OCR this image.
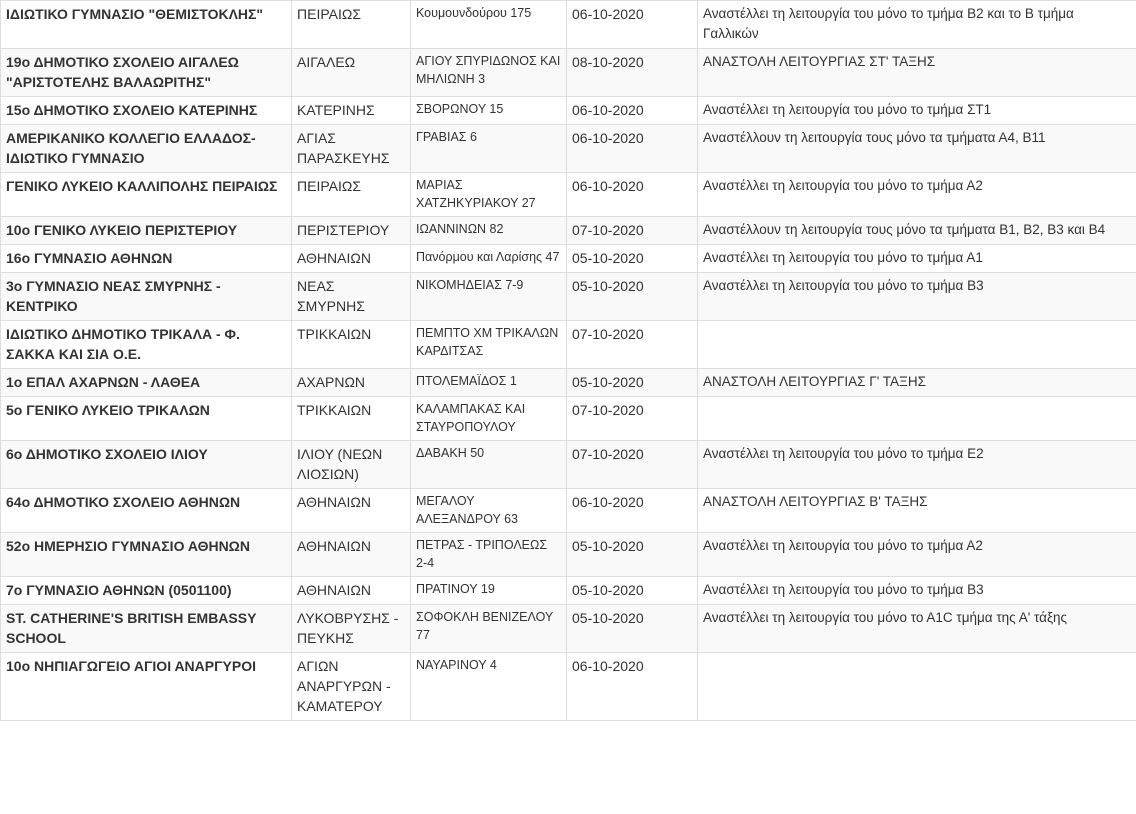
ΙΔΙΩΤΙΚΟ ΓΥΜΝΑΣΙΟ "ΘΕΜΙΣΤΟΚΛΗΣ"	ΠΕΙΡΑΙΩΣ	Κουμουνδούρου 175	06-10-2020	Αναστέλλει τη λειτουργία του μόνο το τμήμα Β2 και το Β τμήμα Γαλλικών
19ο ΔΗΜΟΤΙΚΟ ΣΧΟΛΕΙΟ ΑΙΓΑΛΕΩ "ΑΡΙΣΤΟΤΕΛΗΣ ΒΑΛΑΩΡΙΤΗΣ"	ΑΙΓΑΛΕΩ	ΑΓΙΟΥ ΣΠΥΡΙΔΩΝΟΣ ΚΑΙ ΜΗΛΙΩΝΗ 3	08-10-2020	ΑΝΑΣΤΟΛΗ ΛΕΙΤΟΥΡΓΙΑΣ ΣΤ' ΤΑΞΗΣ
15ο ΔΗΜΟΤΙΚΟ ΣΧΟΛΕΙΟ ΚΑΤΕΡΙΝΗΣ	ΚΑΤΕΡΙΝΗΣ	ΣΒΟΡΩΝΟΥ 15	06-10-2020	Αναστέλλει τη λειτουργία του μόνο το τμήμα ΣΤ1
ΑΜΕΡΙΚΑΝΙΚΟ ΚΟΛΛΕΓΙΟ ΕΛΛΑΔΟΣ-ΙΔΙΩΤΙΚΟ ΓΥΜΝΑΣΙΟ	ΑΓΙΑΣ ΠΑΡΑΣΚΕΥΗΣ	ΓΡΑΒΙΑΣ 6	06-10-2020	Αναστέλλουν τη λειτουργία τους μόνο τα τμήματα Α4, Β11
ΓΕΝΙΚΟ ΛΥΚΕΙΟ ΚΑΛΛΙΠΟΛΗΣ ΠΕΙΡΑΙΩΣ	ΠΕΙΡΑΙΩΣ	ΜΑΡΙΑΣ ΧΑΤΖΗΚΥΡΙΑΚΟΥ 27	06-10-2020	Αναστέλλει τη λειτουργία του μόνο το τμήμα Α2
10ο ΓΕΝΙΚΟ ΛΥΚΕΙΟ ΠΕΡΙΣΤΕΡΙΟΥ	ΠΕΡΙΣΤΕΡΙΟΥ	ΙΩΑΝΝΙΝΩΝ 82	07-10-2020	Αναστέλλουν τη λειτουργία τους μόνο τα τμήματα Β1, Β2, Β3 και Β4
16ο ΓΥΜΝΑΣΙΟ ΑΘΗΝΩΝ	ΑΘΗΝΑΙΩΝ	Πανόρμου και Λαρίσης 47	05-10-2020	Αναστέλλει τη λειτουργία του μόνο το τμήμα Α1
3ο ΓΥΜΝΑΣΙΟ ΝΕΑΣ ΣΜΥΡΝΗΣ - ΚΕΝΤΡΙΚΟ	ΝΕΑΣ ΣΜΥΡΝΗΣ	ΝΙΚΟΜΗΔΕΙΑΣ 7-9	05-10-2020	Αναστέλλει τη λειτουργία του μόνο το τμήμα Β3
ΙΔΙΩΤΙΚΟ ΔΗΜΟΤΙΚΟ ΤΡΙΚΑΛΑ - Φ. ΣΑΚΚΑ ΚΑΙ ΣΙΑ Ο.Ε.	ΤΡΙΚΚΑΙΩΝ	ΠΕΜΠΤΟ ΧΜ ΤΡΙΚΑΛΩΝ ΚΑΡΔΙΤΣΑΣ	07-10-2020	
1ο ΕΠΑΛ ΑΧΑΡΝΩΝ - ΛΑΘΕΑ	ΑΧΑΡΝΩΝ	ΠΤΟΛΕΜΑΪΔΟΣ 1	05-10-2020	ΑΝΑΣΤΟΛΗ ΛΕΙΤΟΥΡΓΙΑΣ Γ' ΤΑΞΗΣ
5ο ΓΕΝΙΚΟ ΛΥΚΕΙΟ ΤΡΙΚΑΛΩΝ	ΤΡΙΚΚΑΙΩΝ	ΚΑΛΑΜΠΑΚΑΣ ΚΑΙ ΣΤΑΥΡΟΠΟΥΛΟΥ	07-10-2020	
6ο ΔΗΜΟΤΙΚΟ ΣΧΟΛΕΙΟ ΙΛΙΟΥ	ΙΛΙΟΥ (ΝΕΩΝ ΛΙΟΣΙΩΝ)	ΔΑΒΑΚΗ 50	07-10-2020	Αναστέλλει τη λειτουργία του μόνο το τμήμα Ε2
64ο ΔΗΜΟΤΙΚΟ ΣΧΟΛΕΙΟ ΑΘΗΝΩΝ	ΑΘΗΝΑΙΩΝ	ΜΕΓΑΛΟΥ ΑΛΕΞΑΝΔΡΟΥ 63	06-10-2020	ΑΝΑΣΤΟΛΗ ΛΕΙΤΟΥΡΓΙΑΣ Β' ΤΑΞΗΣ
52ο ΗΜΕΡΗΣΙΟ ΓΥΜΝΑΣΙΟ ΑΘΗΝΩΝ	ΑΘΗΝΑΙΩΝ	ΠΕΤΡΑΣ - ΤΡΙΠΟΛΕΩΣ 2-4	05-10-2020	Αναστέλλει τη λειτουργία του μόνο το τμήμα Α2
7ο ΓΥΜΝΑΣΙΟ ΑΘΗΝΩΝ (0501100)	ΑΘΗΝΑΙΩΝ	ΠΡΑΤΙΝΟΥ 19	05-10-2020	Αναστέλλει τη λειτουργία του μόνο το τμήμα Β3
ST. CATHERINE'S BRITISH EMBASSY SCHOOL	ΛΥΚΟΒΡΥΣΗΣ - ΠΕΥΚΗΣ	ΣΟΦΟΚΛΗ ΒΕΝΙΖΕΛΟΥ 77	05-10-2020	Αναστέλλει τη λειτουργία του μόνο το Α1C τμήμα της Α' τάξης
10ο ΝΗΠΙΑΓΩΓΕΙΟ ΑΓΙΟΙ ΑΝΑΡΓΥΡΟΙ	ΑΓΙΩΝ ΑΝΑΡΓΥΡΩΝ - ΚΑΜΑΤΕΡΟΥ	ΝΑΥΑΡΙΝΟΥ 4	06-10-2020	
